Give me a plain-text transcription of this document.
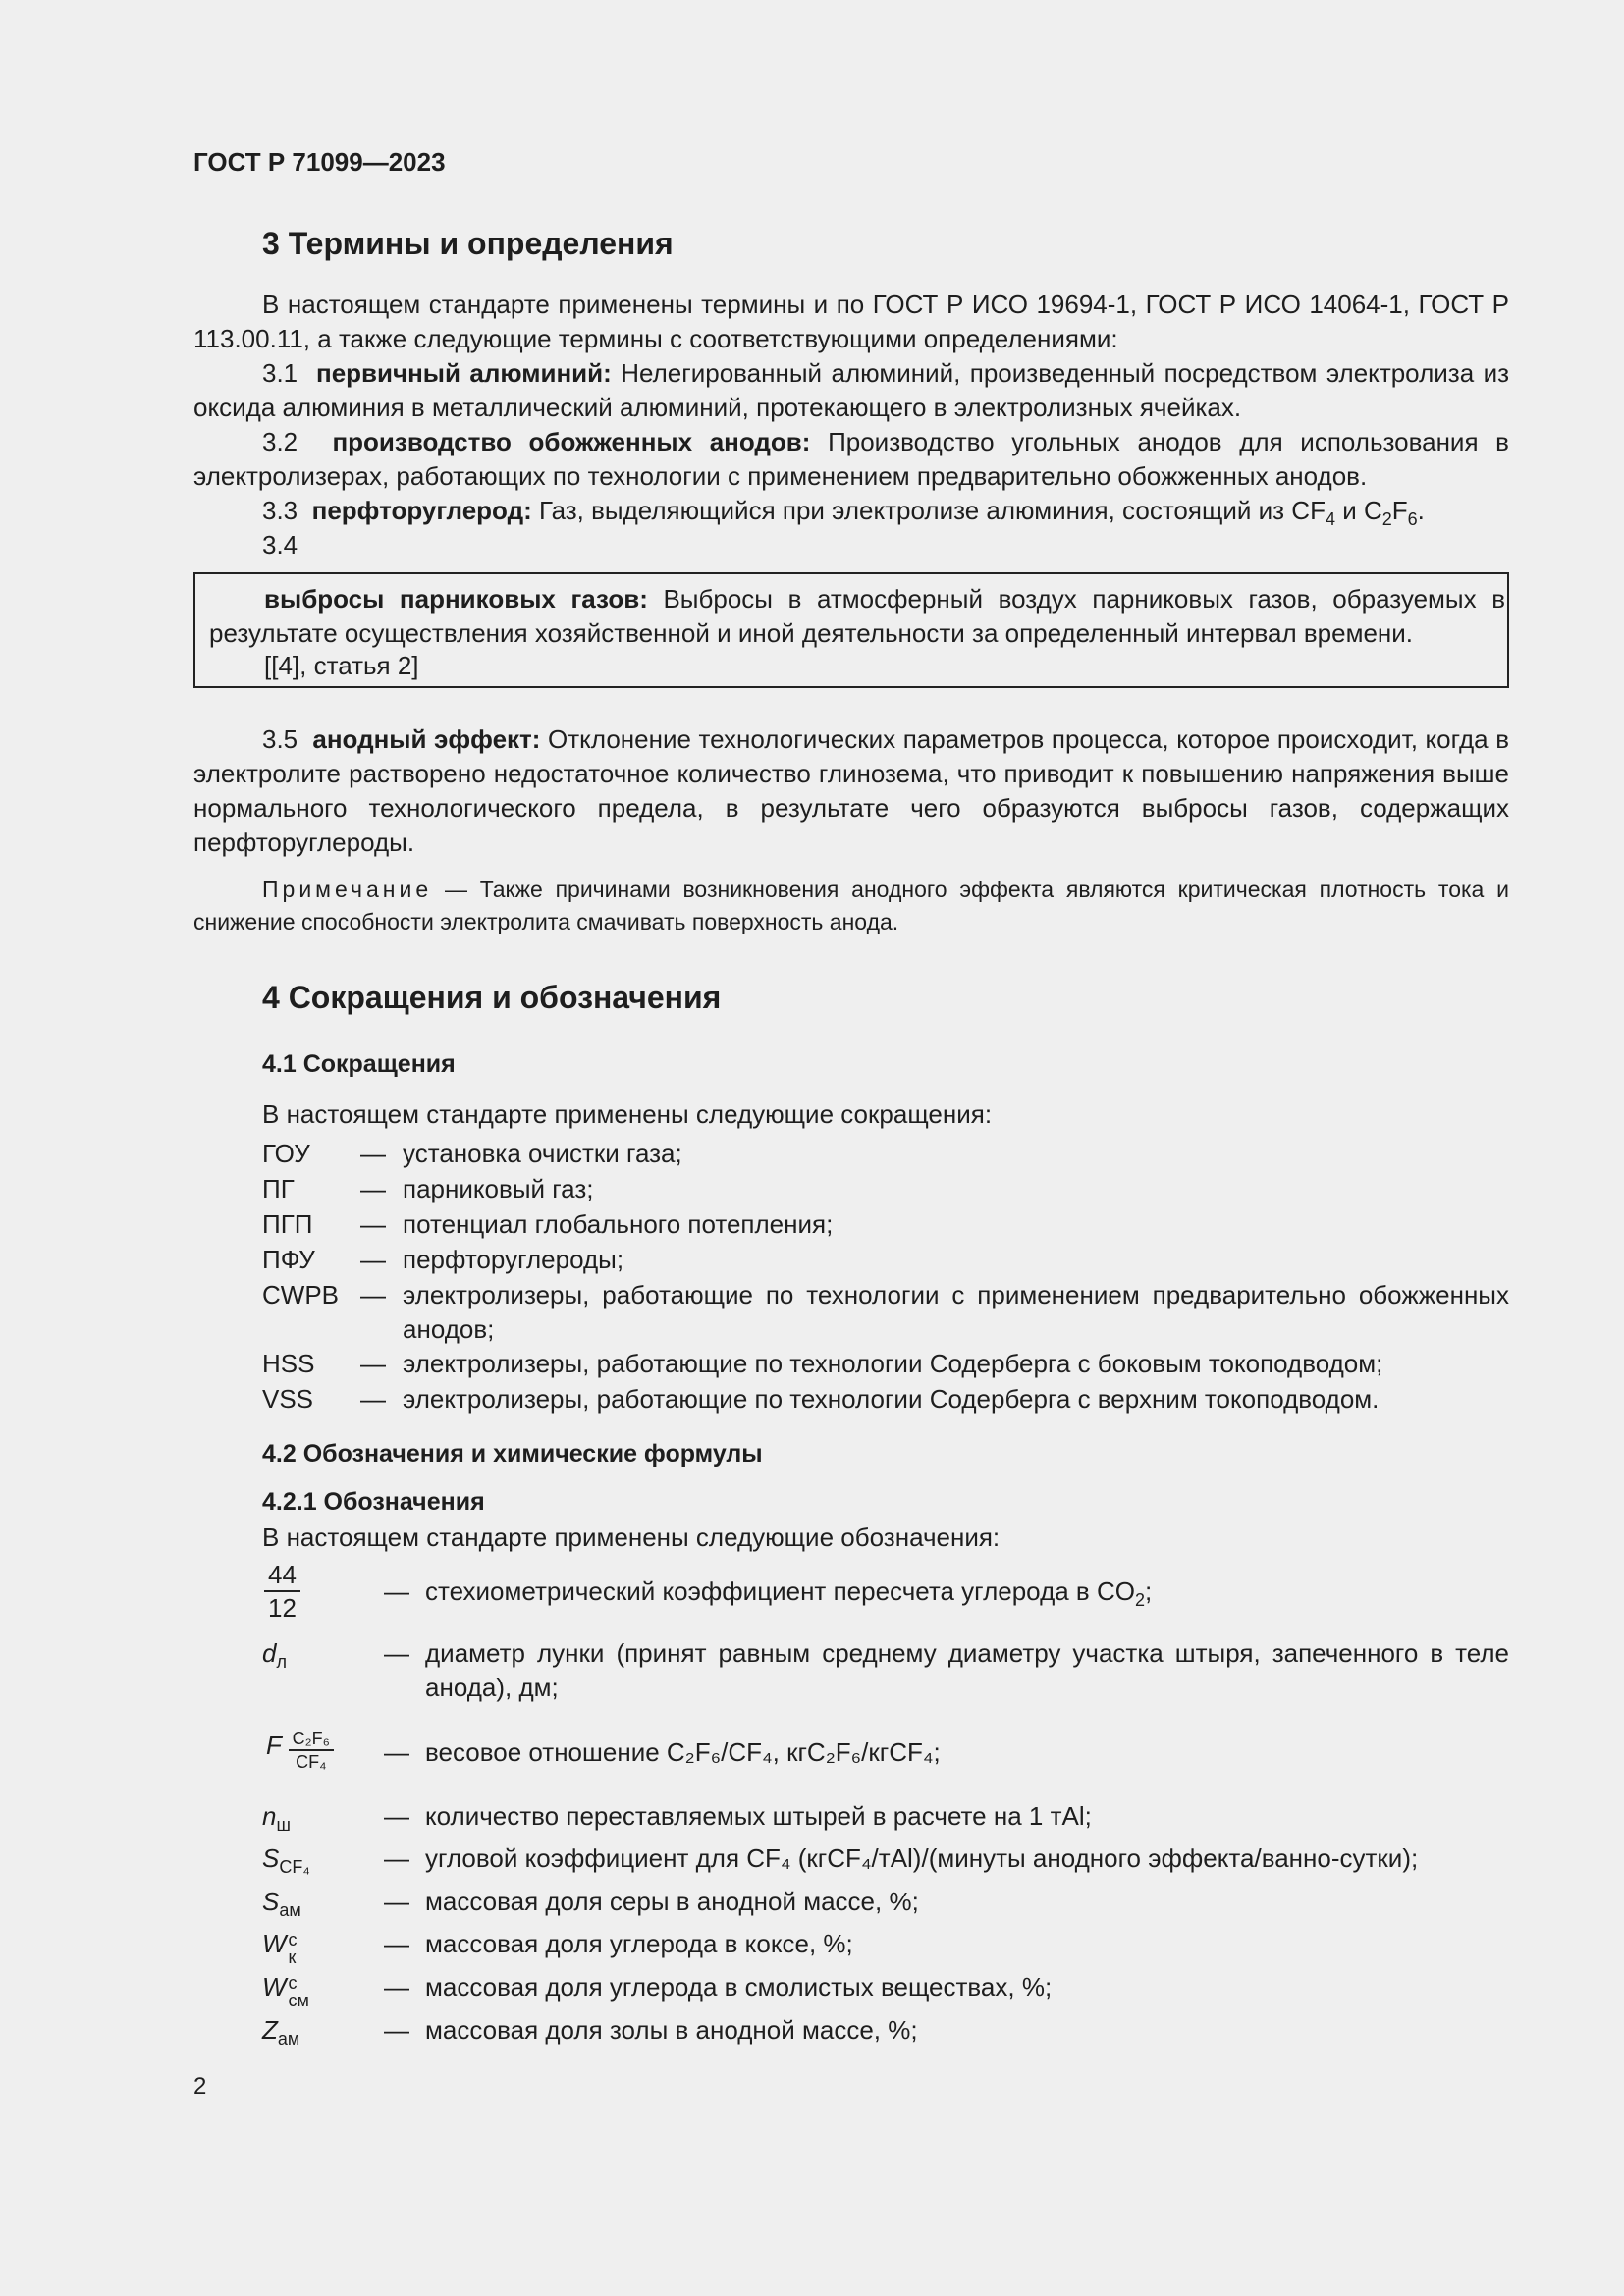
ГОСТ Р 71099—2023
3 Термины и определения
В настоящем стандарте применены термины и по ГОСТ Р ИСО 19694-1, ГОСТ Р ИСО 14064-1, ГОСТ Р 113.00.11, а также следующие термины с соответствующими определениями:
3.1 первичный алюминий: Нелегированный алюминий, произведенный посредством электролиза из оксида алюминия в металлический алюминий, протекающего в электролизных ячейках.
3.2 производство обожженных анодов: Производство угольных анодов для использования в электролизерах, работающих по технологии с применением предварительно обожженных анодов.
3.3 перфторуглерод: Газ, выделяющийся при электролизе алюминия, состоящий из $CF_4$ и $C_2F_6$.
3.4
выбросы парниковых газов: Выбросы в атмосферный воздух парниковых газов, образуемых в результате осуществления хозяйственной и иной деятельности за определенный интервал времени.
[[4], статья 2]
3.5 анодный эффект: Отклонение технологических параметров процесса, которое происходит, когда в электролите растворено недостаточное количество глинозема, что приводит к повышению напряжения выше нормального технологического предела, в результате чего образуются выбросы газов, содержащих перфторуглероды.
Примечание — Также причинами возникновения анодного эффекта являются критическая плотность тока и снижение способности электролита смачивать поверхность анода.
4 Сокращения и обозначения
4.1 Сокращения
В настоящем стандарте применены следующие сокращения:
ГОУ — установка очистки газа;
ПГ	— парниковый газ;
ПГП — потенциал глобального потепления;
ПФУ — перфторуглероды;
CWPB — электролизеры, работающие по технологии с применением предварительно обожженных анодов;
HSS — электролизеры, работающие по технологии Содерберга с боковым токоподводом;
VSS — электролизеры, работающие по технологии Содерберга с верхним токоподводом.
4.2 Обозначения и химические формулы
4.2.1 Обозначения
В настоящем стандарте применены следующие обозначения:
$\frac{44}{12}$	— стехиометрический коэффициент пересчета углерода в $CO_2$;
$d_л$	— диаметр лунки (принят равным среднему диаметру участка штыря, запеченного в теле анода), дм;
F $\frac{\text{C₂F₆}}{\text{CF₄}}$ — весовое отношение C₂F₆/CF₄, кгC₂F₆/кгCF₄;
$n_ш$	— количество переставляемых штырей в расчете на 1 тAl;
$S_{CF_4}$	— угловой коэффициент для CF₄ (кгCF₄/тAl)/(минуты анодного эффекта/ванно-сутки);
$S_{ам}$	— массовая доля серы в анодной массе, %;
W с
к	— массовая доля углерода в коксе, %;
W с
см	— массовая доля углерода в смолистых веществах, %;
$Z_{ам}$	— массовая доля золы в анодной массе, %;
2
